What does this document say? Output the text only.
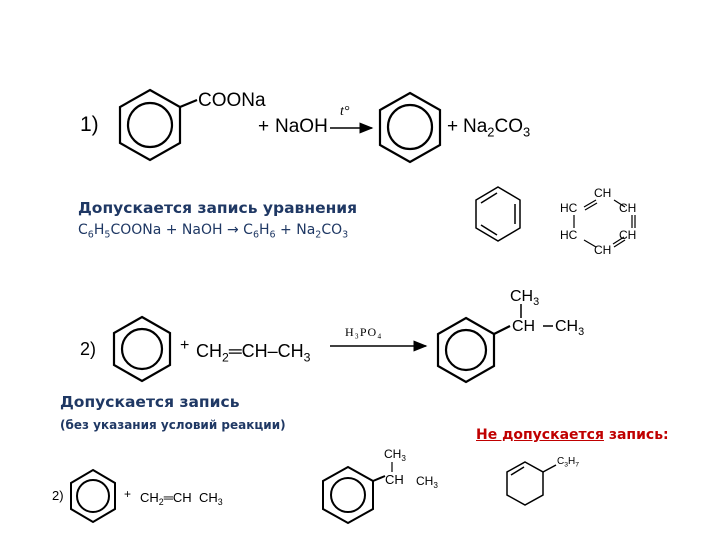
1)
COONa
+ NaOH
t°
+ $Na_2CO_3$
Допускается запись уравнения
$C_6H_5COONa$ + NaOH → $C_6H_6 + Na_2CO_3$
CH
HC	CH
HC	CH
CH
2)	+ $CH_2═CH-CH_3$
H₃PO₄
$CH_3$
CH $CH_3$
Допускается запись
(без указания условий реакции)
Не допускается запись:
$C_3H_7$
2)	+ $CH_2═CH$ $CH_3$
$CH_3$
CH $CH_3$
